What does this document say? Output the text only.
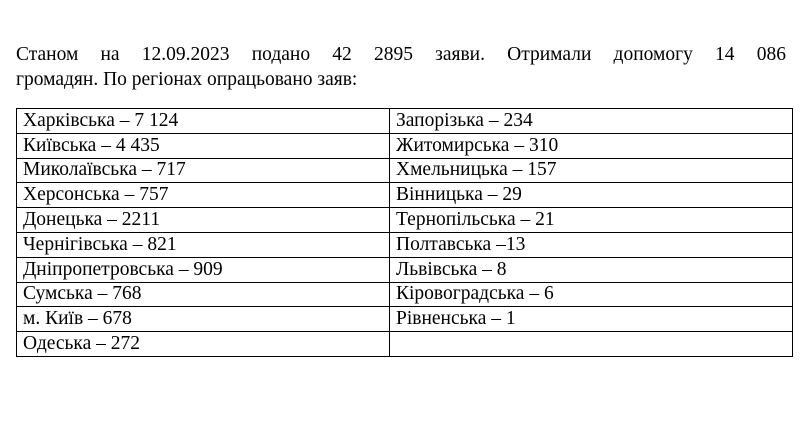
Станом на 12.09.2023 подано 42 2895 заяви. Отримали допомогу 14 086
громадян. По регіонах опрацьовано заяв:

Харківська – 7 124	Запорізька – 234
Київська – 4 435	Житомирська – 310
Миколаївська – 717	Хмельницька – 157
Херсонська – 757	Вінницька – 29
Донецька – 2211	Тернопільська – 21
Чернігівська – 821	Полтавська –13
Дніпропетровська – 909	Львівська – 8
Сумська – 768	Кіровоградська – 6
м. Київ – 678	Рівненська – 1
Одеська – 272	
